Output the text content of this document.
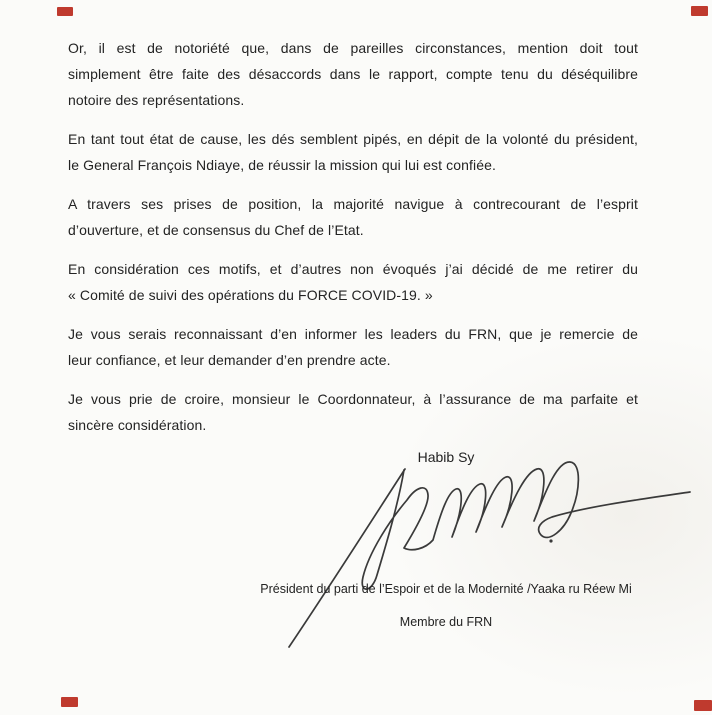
Or, il est de notoriété que, dans de pareilles circonstances, mention doit tout
simplement être faite des désaccords dans le rapport, compte tenu du déséquilibre
notoire des représentations.
En tant tout état de cause, les dés semblent pipés, en dépit de la volonté du président,
le General François Ndiaye, de réussir la mission qui lui est confiée.
A travers ses prises de position, la majorité navigue à contrecourant de l’esprit
d’ouverture, et de consensus du Chef de l’Etat.
En considération ces motifs, et d’autres non évoqués j’ai décidé de me retirer du
« Comité de suivi des opérations du FORCE COVID-19. »
Je vous serais reconnaissant d’en informer les leaders du FRN, que je remercie de
leur confiance, et leur demander d’en prendre acte.
Je vous prie de croire, monsieur le Coordonnateur, à l’assurance de ma parfaite et
sincère considération.
Habib Sy
Président du parti de l’Espoir et de la Modernité /Yaaka ru Réew Mi
Membre du FRN
